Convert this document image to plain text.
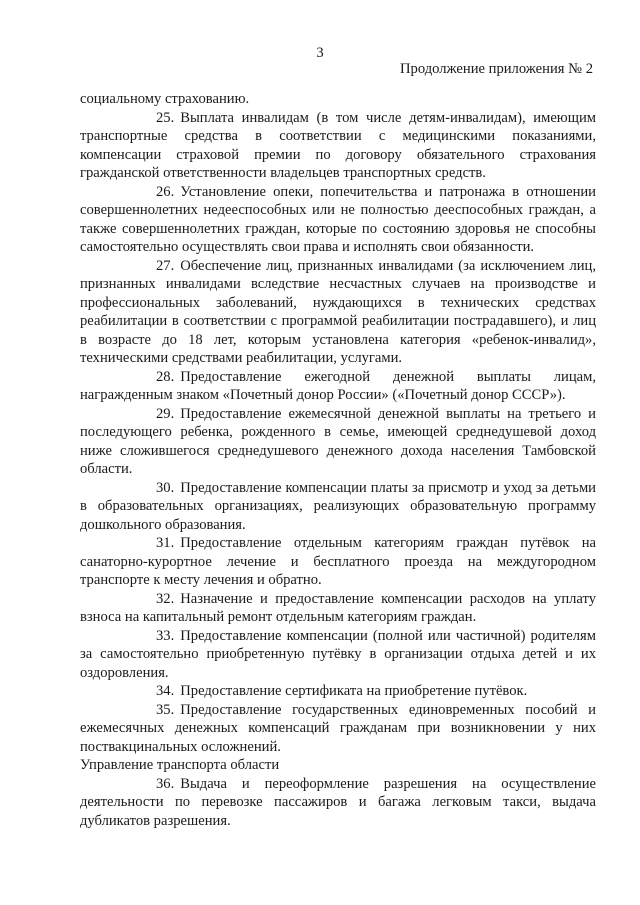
3
Продолжение приложения № 2

социальному страхованию.

25. Выплата инвалидам (в том числе детям-инвалидам), имеющим транспортные средства в соответствии с медицинскими показаниями, компенсации страховой премии по договору обязательного страхования гражданской ответственности владельцев транспортных средств.

26. Установление опеки, попечительства и патронажа в отношении совершеннолетних недееспособных или не полностью дееспособных граждан, а также совершеннолетних граждан, которые по состоянию здоровья не способны самостоятельно осуществлять свои права и исполнять свои обязанности.

27. Обеспечение лиц, признанных инвалидами (за исключением лиц, признанных инвалидами вследствие несчастных случаев на производстве и профессиональных заболеваний, нуждающихся в технических средствах реабилитации в соответствии с программой реабилитации пострадавшего), и лиц в возрасте до 18 лет, которым установлена категория «ребенок-инвалид», техническими средствами реабилитации, услугами.

28. Предоставление ежегодной денежной выплаты лицам, награжденным знаком «Почетный донор России» («Почетный донор СССР»).

29. Предоставление ежемесячной денежной выплаты на третьего и последующего ребенка, рожденного в семье, имеющей среднедушевой доход ниже сложившегося среднедушевого денежного дохода населения Тамбовской области.

30. Предоставление компенсации платы за присмотр и уход за детьми в образовательных организациях, реализующих образовательную программу дошкольного образования.

31. Предоставление отдельным категориям граждан путёвок на санаторно-курортное лечение и бесплатного проезда на междугородном транспорте к месту лечения и обратно.

32. Назначение и предоставление компенсации расходов на уплату взноса на капитальный ремонт отдельным категориям граждан.

33. Предоставление компенсации (полной или частичной) родителям за самостоятельно приобретенную путёвку в организации отдыха детей и их оздоровления.

34. Предоставление сертификата на приобретение путёвок.

35. Предоставление государственных единовременных пособий и ежемесячных денежных компенсаций гражданам при возникновении у них поствакцинальных осложнений.

Управление транспорта области

36. Выдача и переоформление разрешения на осуществление деятельности по перевозке пассажиров и багажа легковым такси, выдача дубликатов разрешения.
